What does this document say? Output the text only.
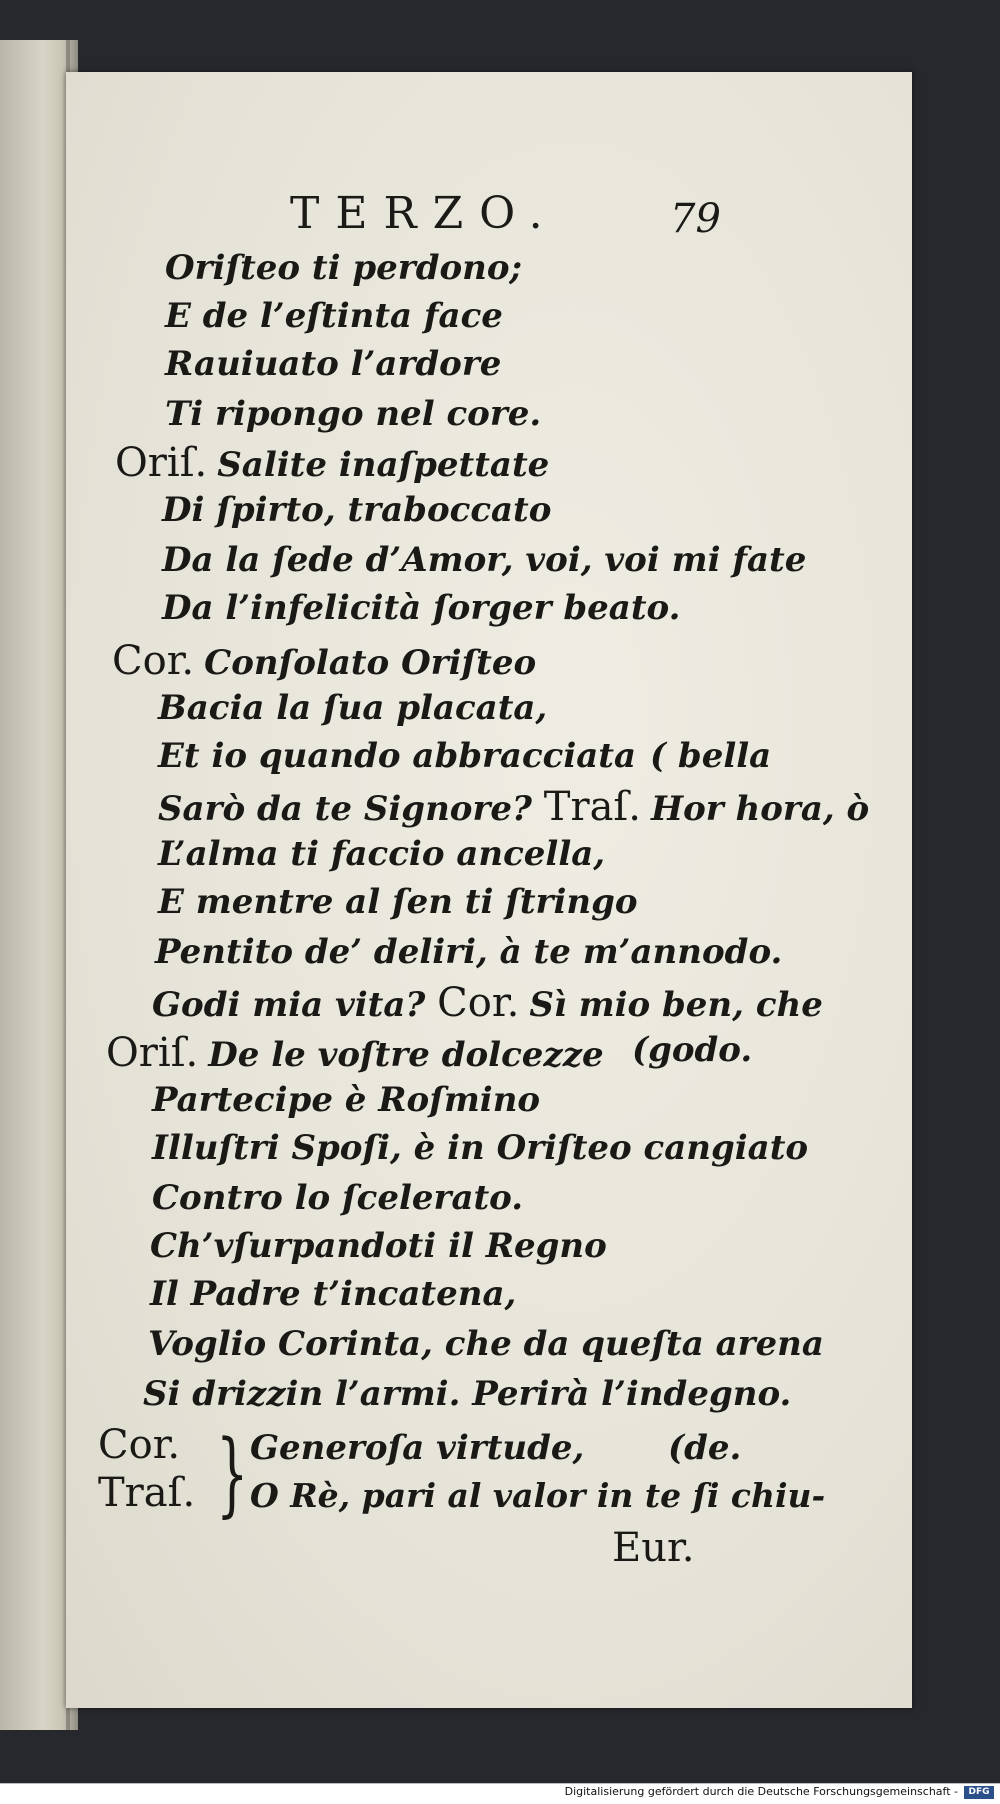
TERZO.	79
Oriſteo ti perdono;
E de l’eſtinta face
Rauiuato l’ardore
Ti ripongo nel core.
Oriſ. Salite inaſpettate
Di ſpirto, traboccato
Da la ſede d’Amor, voi, voi mi fate
Da l’infelicità ſorger beato.
Cor. Conſolato Oriſteo
Bacia la ſua placata,
Et io quando abbracciata ( bella
Sarò da te Signore? Traſ. Hor hora, ò
L’alma ti faccio ancella,
E mentre al ſen ti ſtringo
Pentito de’ deliri, à te m’annodo.
Godi mia vita? Cor. Sì mio ben, che
Oriſ. De le voſtre dolcezze (godo.
Partecipe è Roſmino
Illuſtri Spoſi, è in Oriſteo cangiato
Contro lo ſcelerato.
Ch’vſurpandoti il Regno
Il Padre t’incatena,
Voglio Corinta, che da queſta arena
Si drizzin l’armi. Perirà l’indegno.
Cor.
Traſ. } Generoſa virtude, (de.
O Rè, pari al valor in te ſi chiu-
Eur.
Digitalisierung gefördert durch die Deutsche Forschungsgemeinschaft -	DFG
